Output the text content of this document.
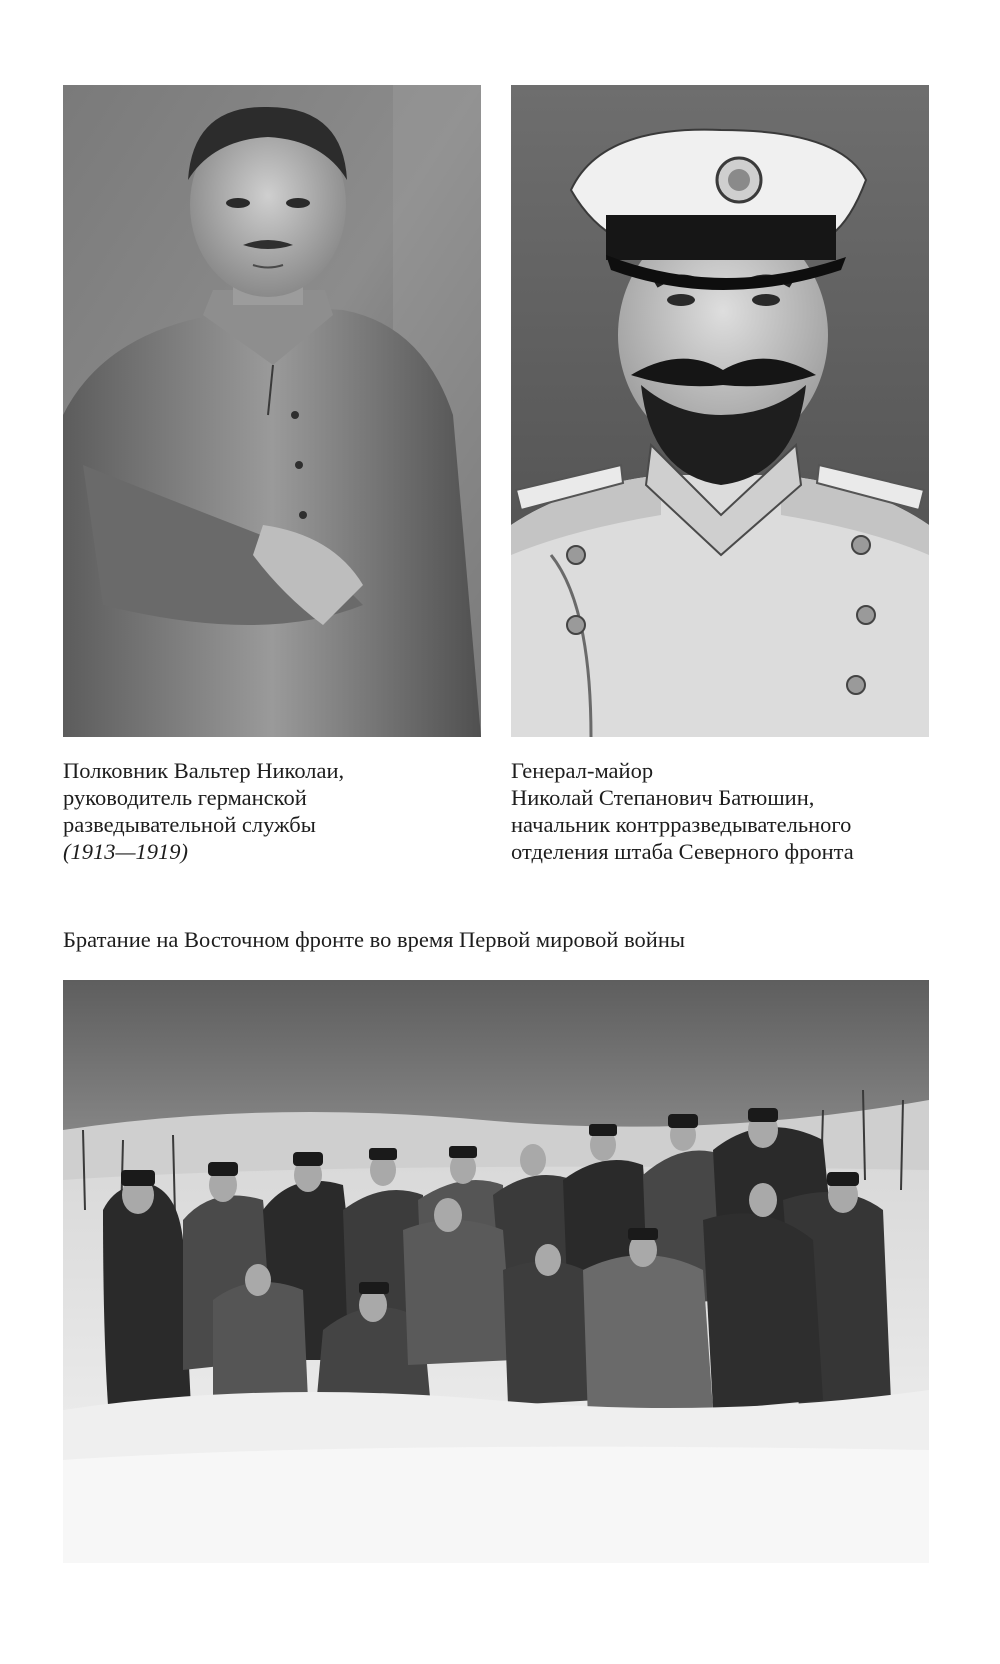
Полковник Вальтер Николаи,
руководитель германской
разведывательной службы
(1913—1919)
Генерал-майор
Николай Степанович Батюшин,
начальник контрразведывательного
отделения штаба Северного фронта
Братание на Восточном фронте во время Первой мировой войны
